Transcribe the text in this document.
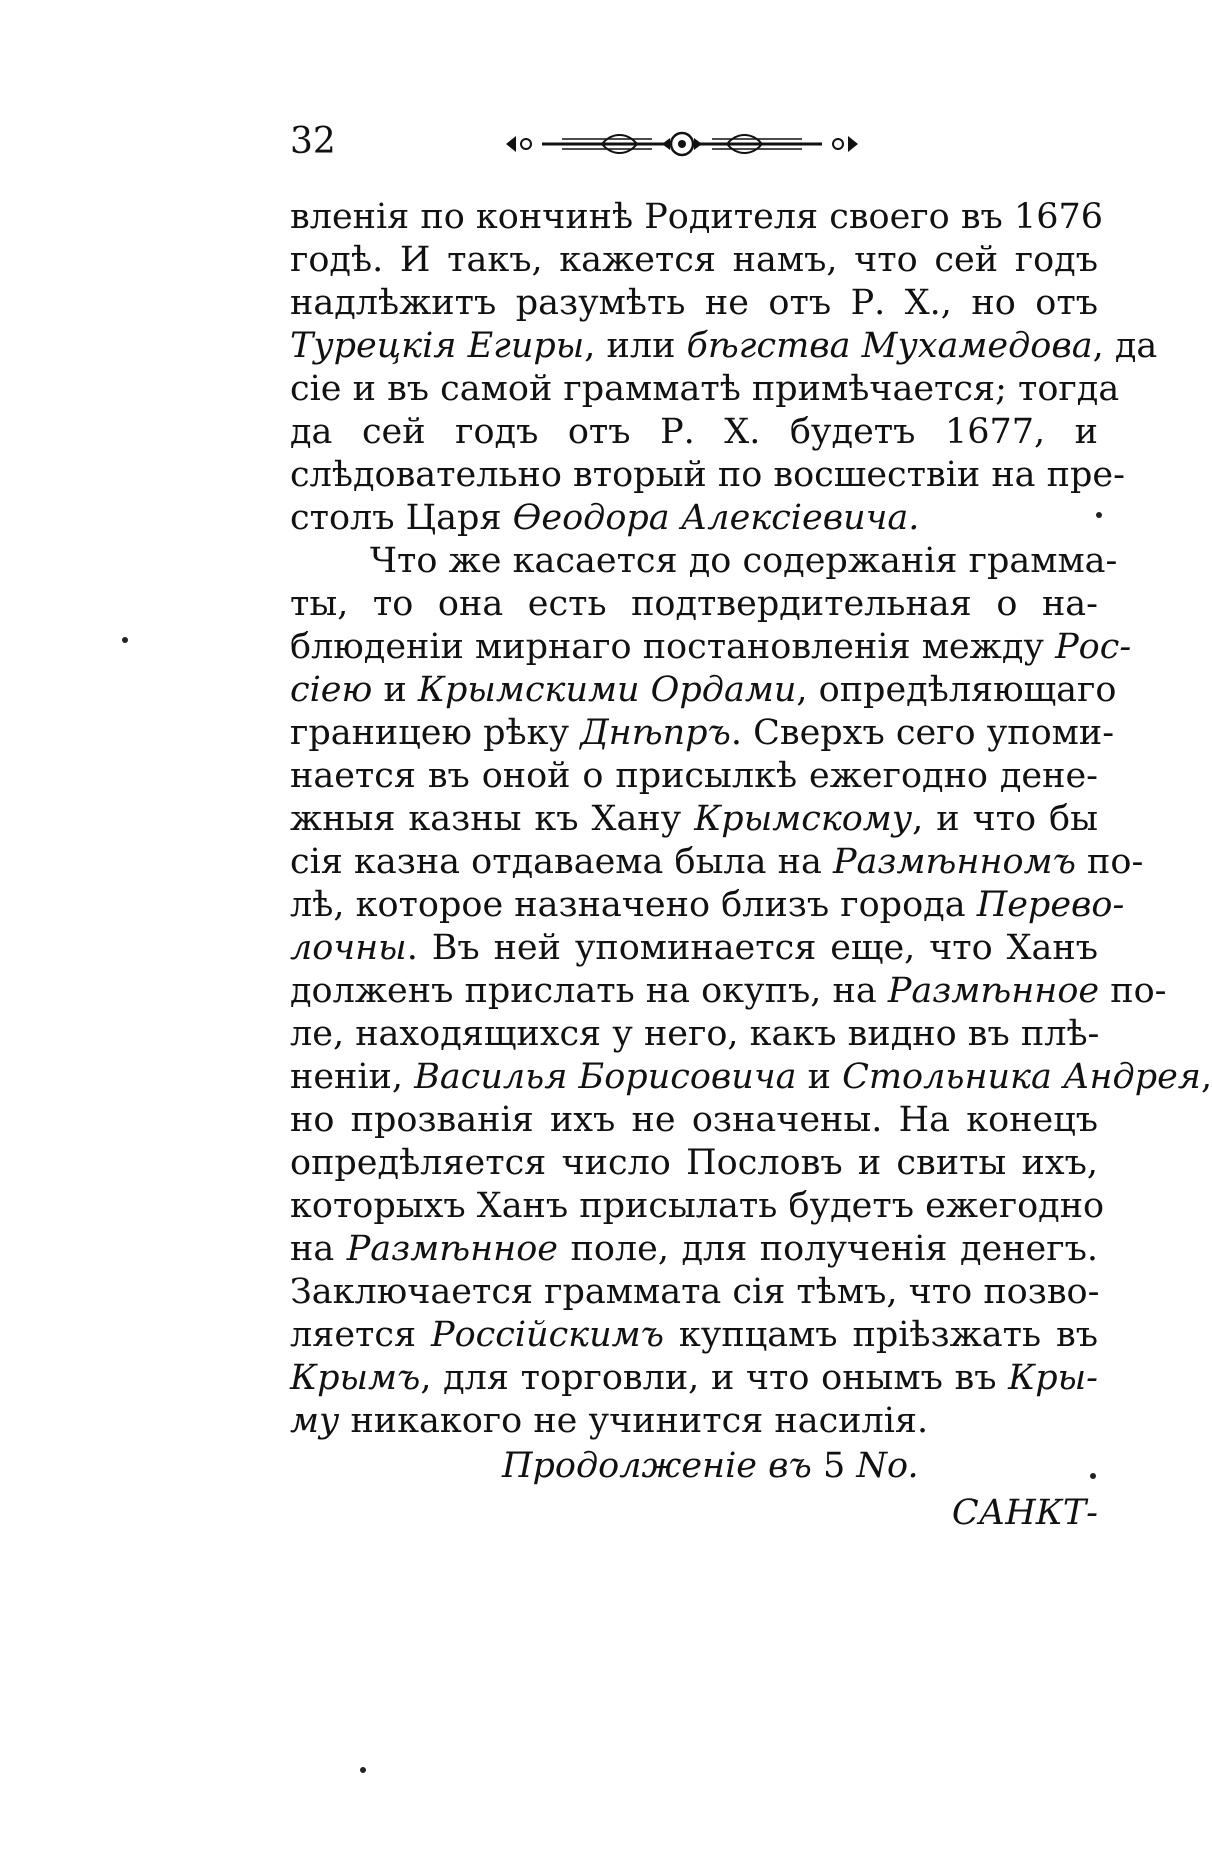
32
вленія по кончинѣ Родителя своего въ 1676
годѣ. И такъ, кажется намъ, что сей годъ
надлѣжитъ разумѣть не отъ Р. Х., но отъ
Турецкія Егиры, или бѣгства Мухамедова, да
сіе и въ самой грамматѣ примѣчается; тогда
да сей годъ отъ Р. Х. будетъ 1677, и
слѣдовательно вторый по восшествіи на пре-
столъ Царя Ѳеодора Алексіевича.
Что же касается до содержанія граммa-
ты, то она есть подтвердительная о на-
блюденіи мирнаго постановленія между Рос-
сіею и Крымскими Ордами, опредѣляющаго
границею рѣку Днѣпръ. Сверхъ сего упоми-
нается въ оной о присылкѣ ежегодно денe-
жныя казны къ Хану Крымскому, и что бы
сія казна отдаваема была на Размѣнномъ по-
лѣ, которое назначено близъ города Перево-
лочны. Въ ней упоминается еще, что Ханъ
долженъ прислать на окупъ, на Размѣнное по-
ле, находящихся у него, какъ видно въ плѣ-
неніи, Василья Борисовича и Стольника Андрея,
но прозванія ихъ не означены. На конецъ
опредѣляется число Пословъ и свиты ихъ,
которыхъ Ханъ присылать будетъ ежегодно
на Размѣнное поле, для полученія денегъ.
Заключается граммата сія тѣмъ, что позво-
ляется Россійскимъ купцамъ пріѣзжать въ
Крымъ, для торговли, и что онымъ въ Кры-
му никакого не учинится насилія.
Продолженіе въ 5 No.
САНКТ-
